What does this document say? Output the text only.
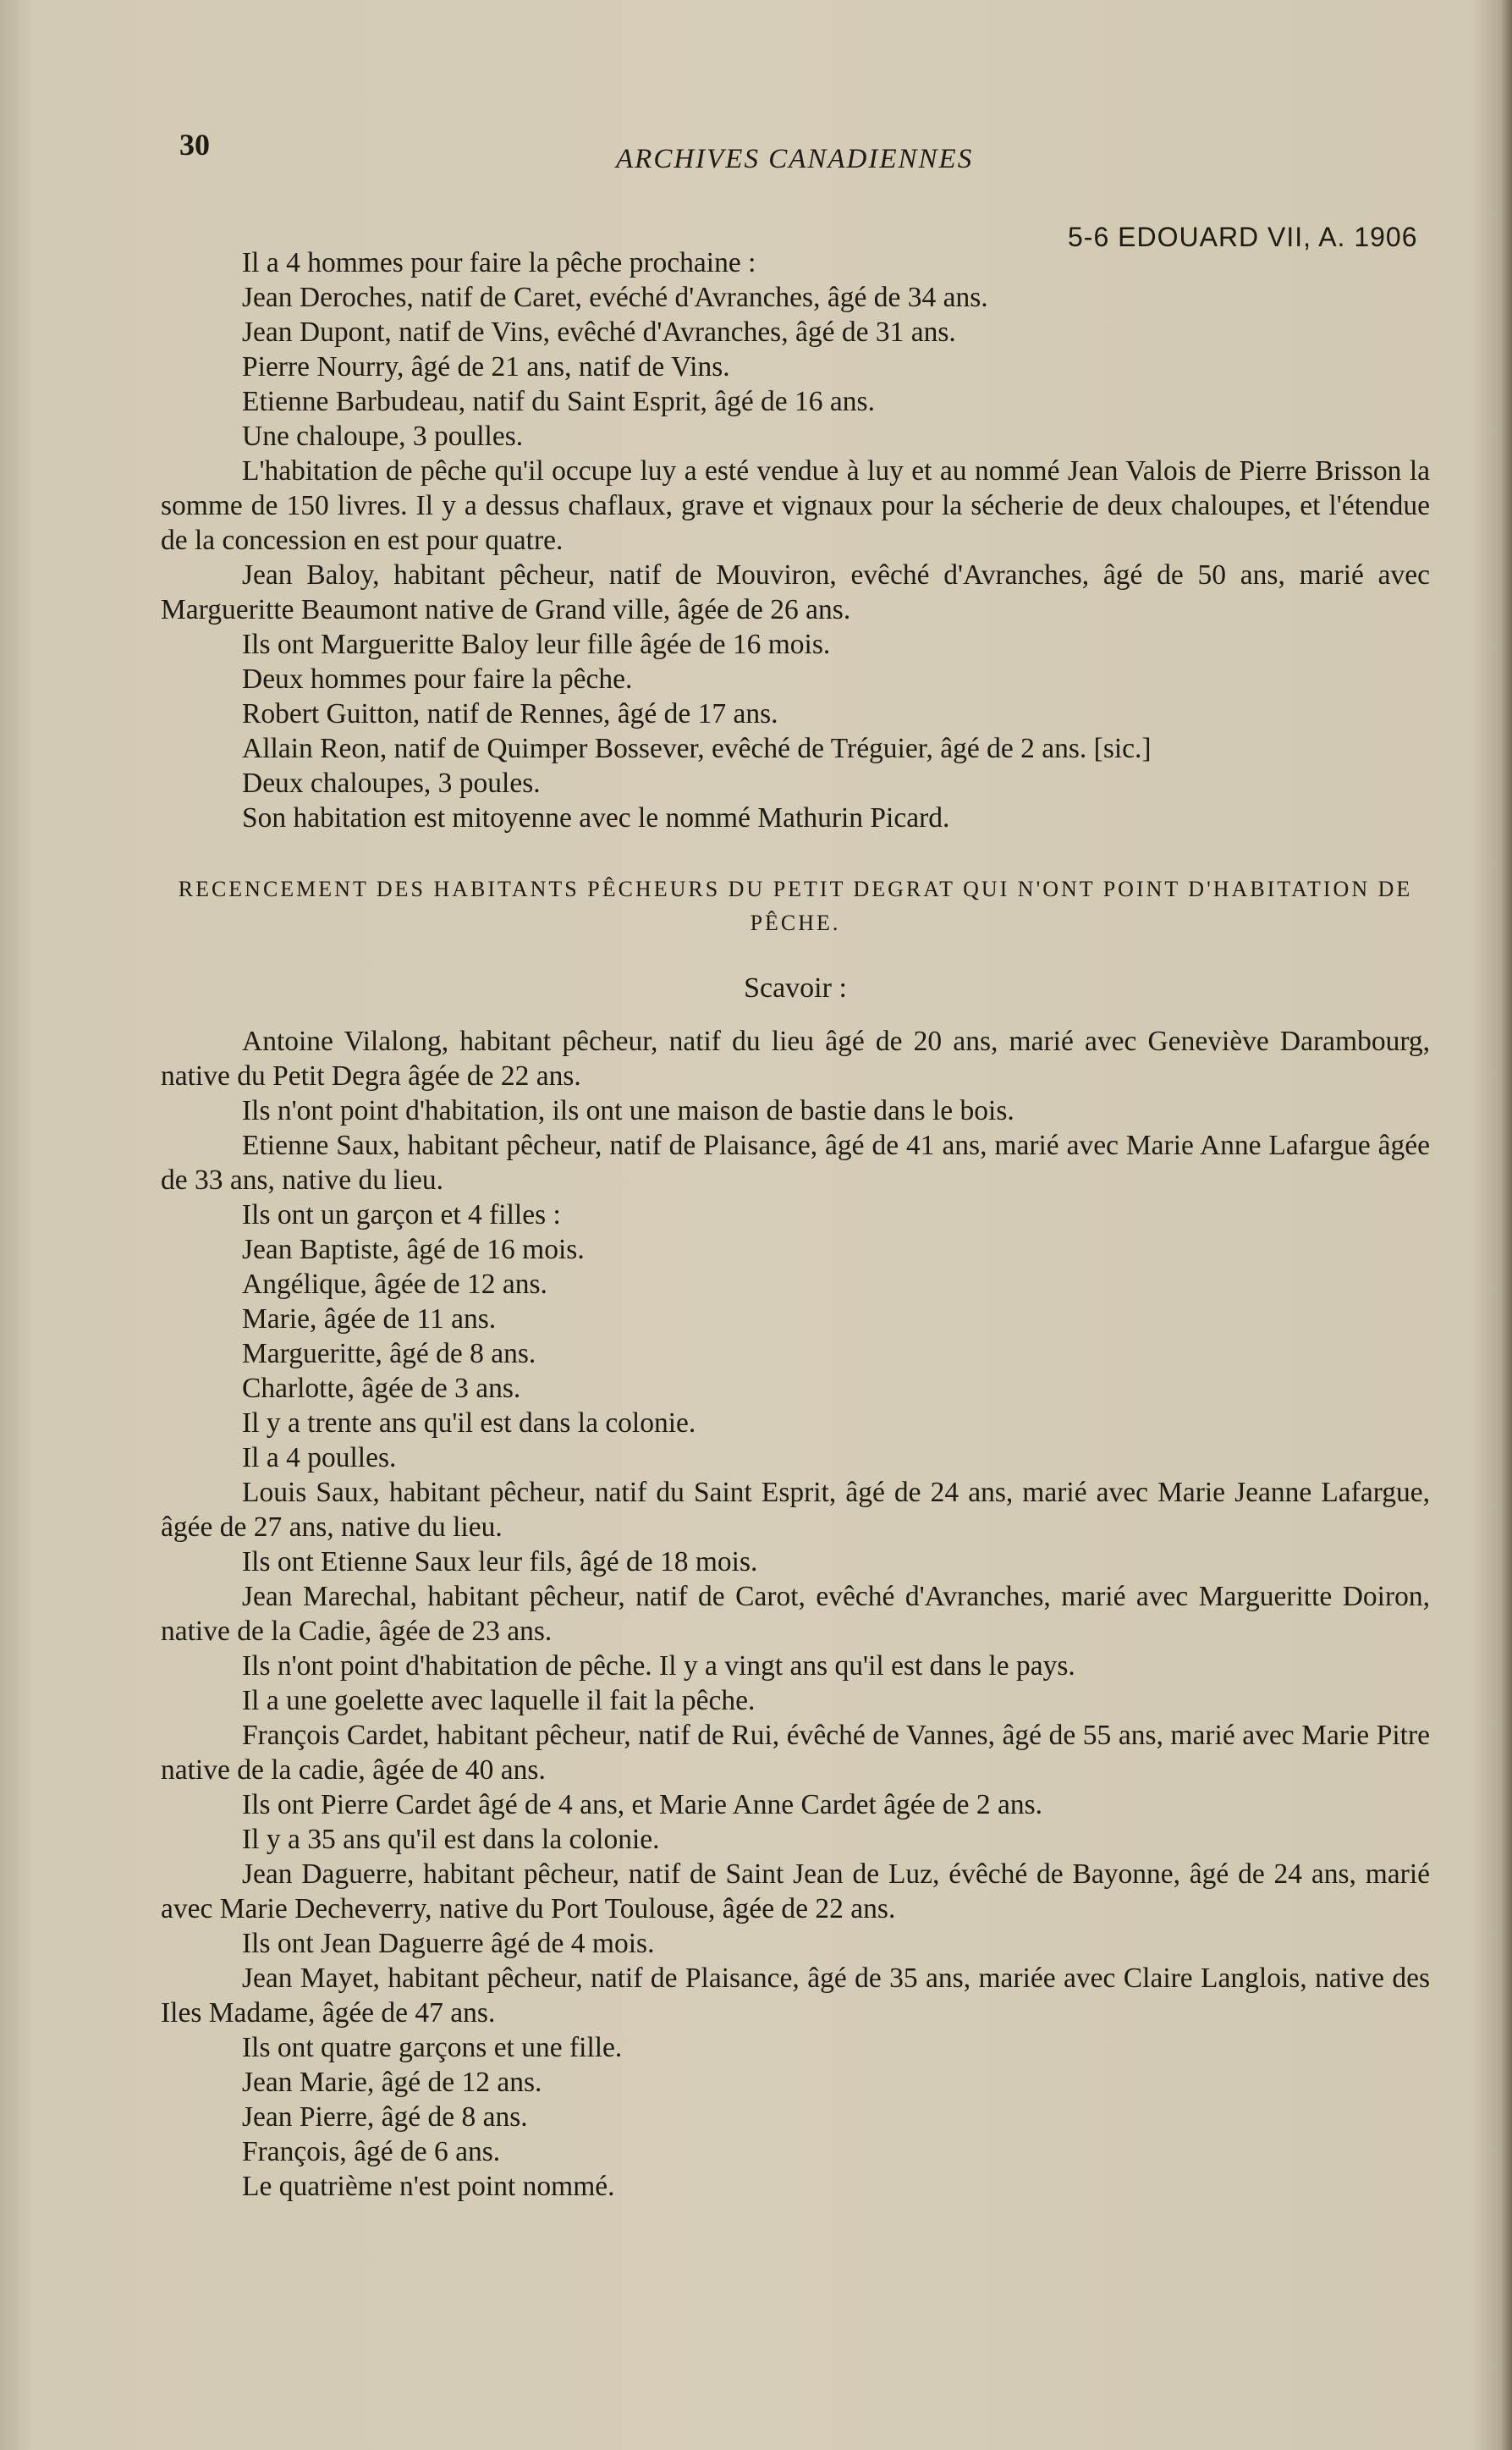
30	ARCHIVES CANADIENNES
5-6 EDOUARD VII, A. 1906

Il a 4 hommes pour faire la pêche prochaine :

Jean Deroches, natif de Caret, evéché d'Avranches, âgé de 34 ans.

Jean Dupont, natif de Vins, evêché d'Avranches, âgé de 31 ans.

Pierre Nourry, âgé de 21 ans, natif de Vins.

Etienne Barbudeau, natif du Saint Esprit, âgé de 16 ans.

Une chaloupe, 3 poulles.

L'habitation de pêche qu'il occupe luy a esté vendue à luy et au nommé Jean Valois de Pierre Brisson la somme de 150 livres. Il y a dessus chaflaux, grave et vignaux pour la sécherie de deux chaloupes, et l'étendue de la concession en est pour quatre.

Jean Baloy, habitant pêcheur, natif de Mouviron, evêché d'Avranches, âgé de 50 ans, marié avec Margueritte Beaumont native de Grand ville, âgée de 26 ans.

Ils ont Margueritte Baloy leur fille âgée de 16 mois.

Deux hommes pour faire la pêche.

Robert Guitton, natif de Rennes, âgé de 17 ans.

Allain Reon, natif de Quimper Bossever, evêché de Tréguier, âgé de 2 ans. [sic.]

Deux chaloupes, 3 poules.

Son habitation est mitoyenne avec le nommé Mathurin Picard.

RECENCEMENT DES HABITANTS PÊCHEURS DU PETIT DEGRAT QUI N'ONT POINT D'HABITATION DE PÊCHE.
Scavoir :

Antoine Vilalong, habitant pêcheur, natif du lieu âgé de 20 ans, marié avec Geneviève Darambourg, native du Petit Degra âgée de 22 ans.

Ils n'ont point d'habitation, ils ont une maison de bastie dans le bois.

Etienne Saux, habitant pêcheur, natif de Plaisance, âgé de 41 ans, marié avec Marie Anne Lafargue âgée de 33 ans, native du lieu.

Ils ont un garçon et 4 filles :

Jean Baptiste, âgé de 16 mois.

Angélique, âgée de 12 ans.

Marie, âgée de 11 ans.

Margueritte, âgé de 8 ans.

Charlotte, âgée de 3 ans.

Il y a trente ans qu'il est dans la colonie.

Il a 4 poulles.

Louis Saux, habitant pêcheur, natif du Saint Esprit, âgé de 24 ans, marié avec Marie Jeanne Lafargue, âgée de 27 ans, native du lieu.

Ils ont Etienne Saux leur fils, âgé de 18 mois.

Jean Marechal, habitant pêcheur, natif de Carot, evêché d'Avranches, marié avec Margueritte Doiron, native de la Cadie, âgée de 23 ans.

Ils n'ont point d'habitation de pêche. Il y a vingt ans qu'il est dans le pays.

Il a une goelette avec laquelle il fait la pêche.

François Cardet, habitant pêcheur, natif de Rui, évêché de Vannes, âgé de 55 ans, marié avec Marie Pitre native de la cadie, âgée de 40 ans.

Ils ont Pierre Cardet âgé de 4 ans, et Marie Anne Cardet âgée de 2 ans.

Il y a 35 ans qu'il est dans la colonie.

Jean Daguerre, habitant pêcheur, natif de Saint Jean de Luz, évêché de Bayonne, âgé de 24 ans, marié avec Marie Decheverry, native du Port Toulouse, âgée de 22 ans.

Ils ont Jean Daguerre âgé de 4 mois.

Jean Mayet, habitant pêcheur, natif de Plaisance, âgé de 35 ans, mariée avec Claire Langlois, native des Iles Madame, âgée de 47 ans.

Ils ont quatre garçons et une fille.

Jean Marie, âgé de 12 ans.

Jean Pierre, âgé de 8 ans.

François, âgé de 6 ans.

Le quatrième n'est point nommé.
